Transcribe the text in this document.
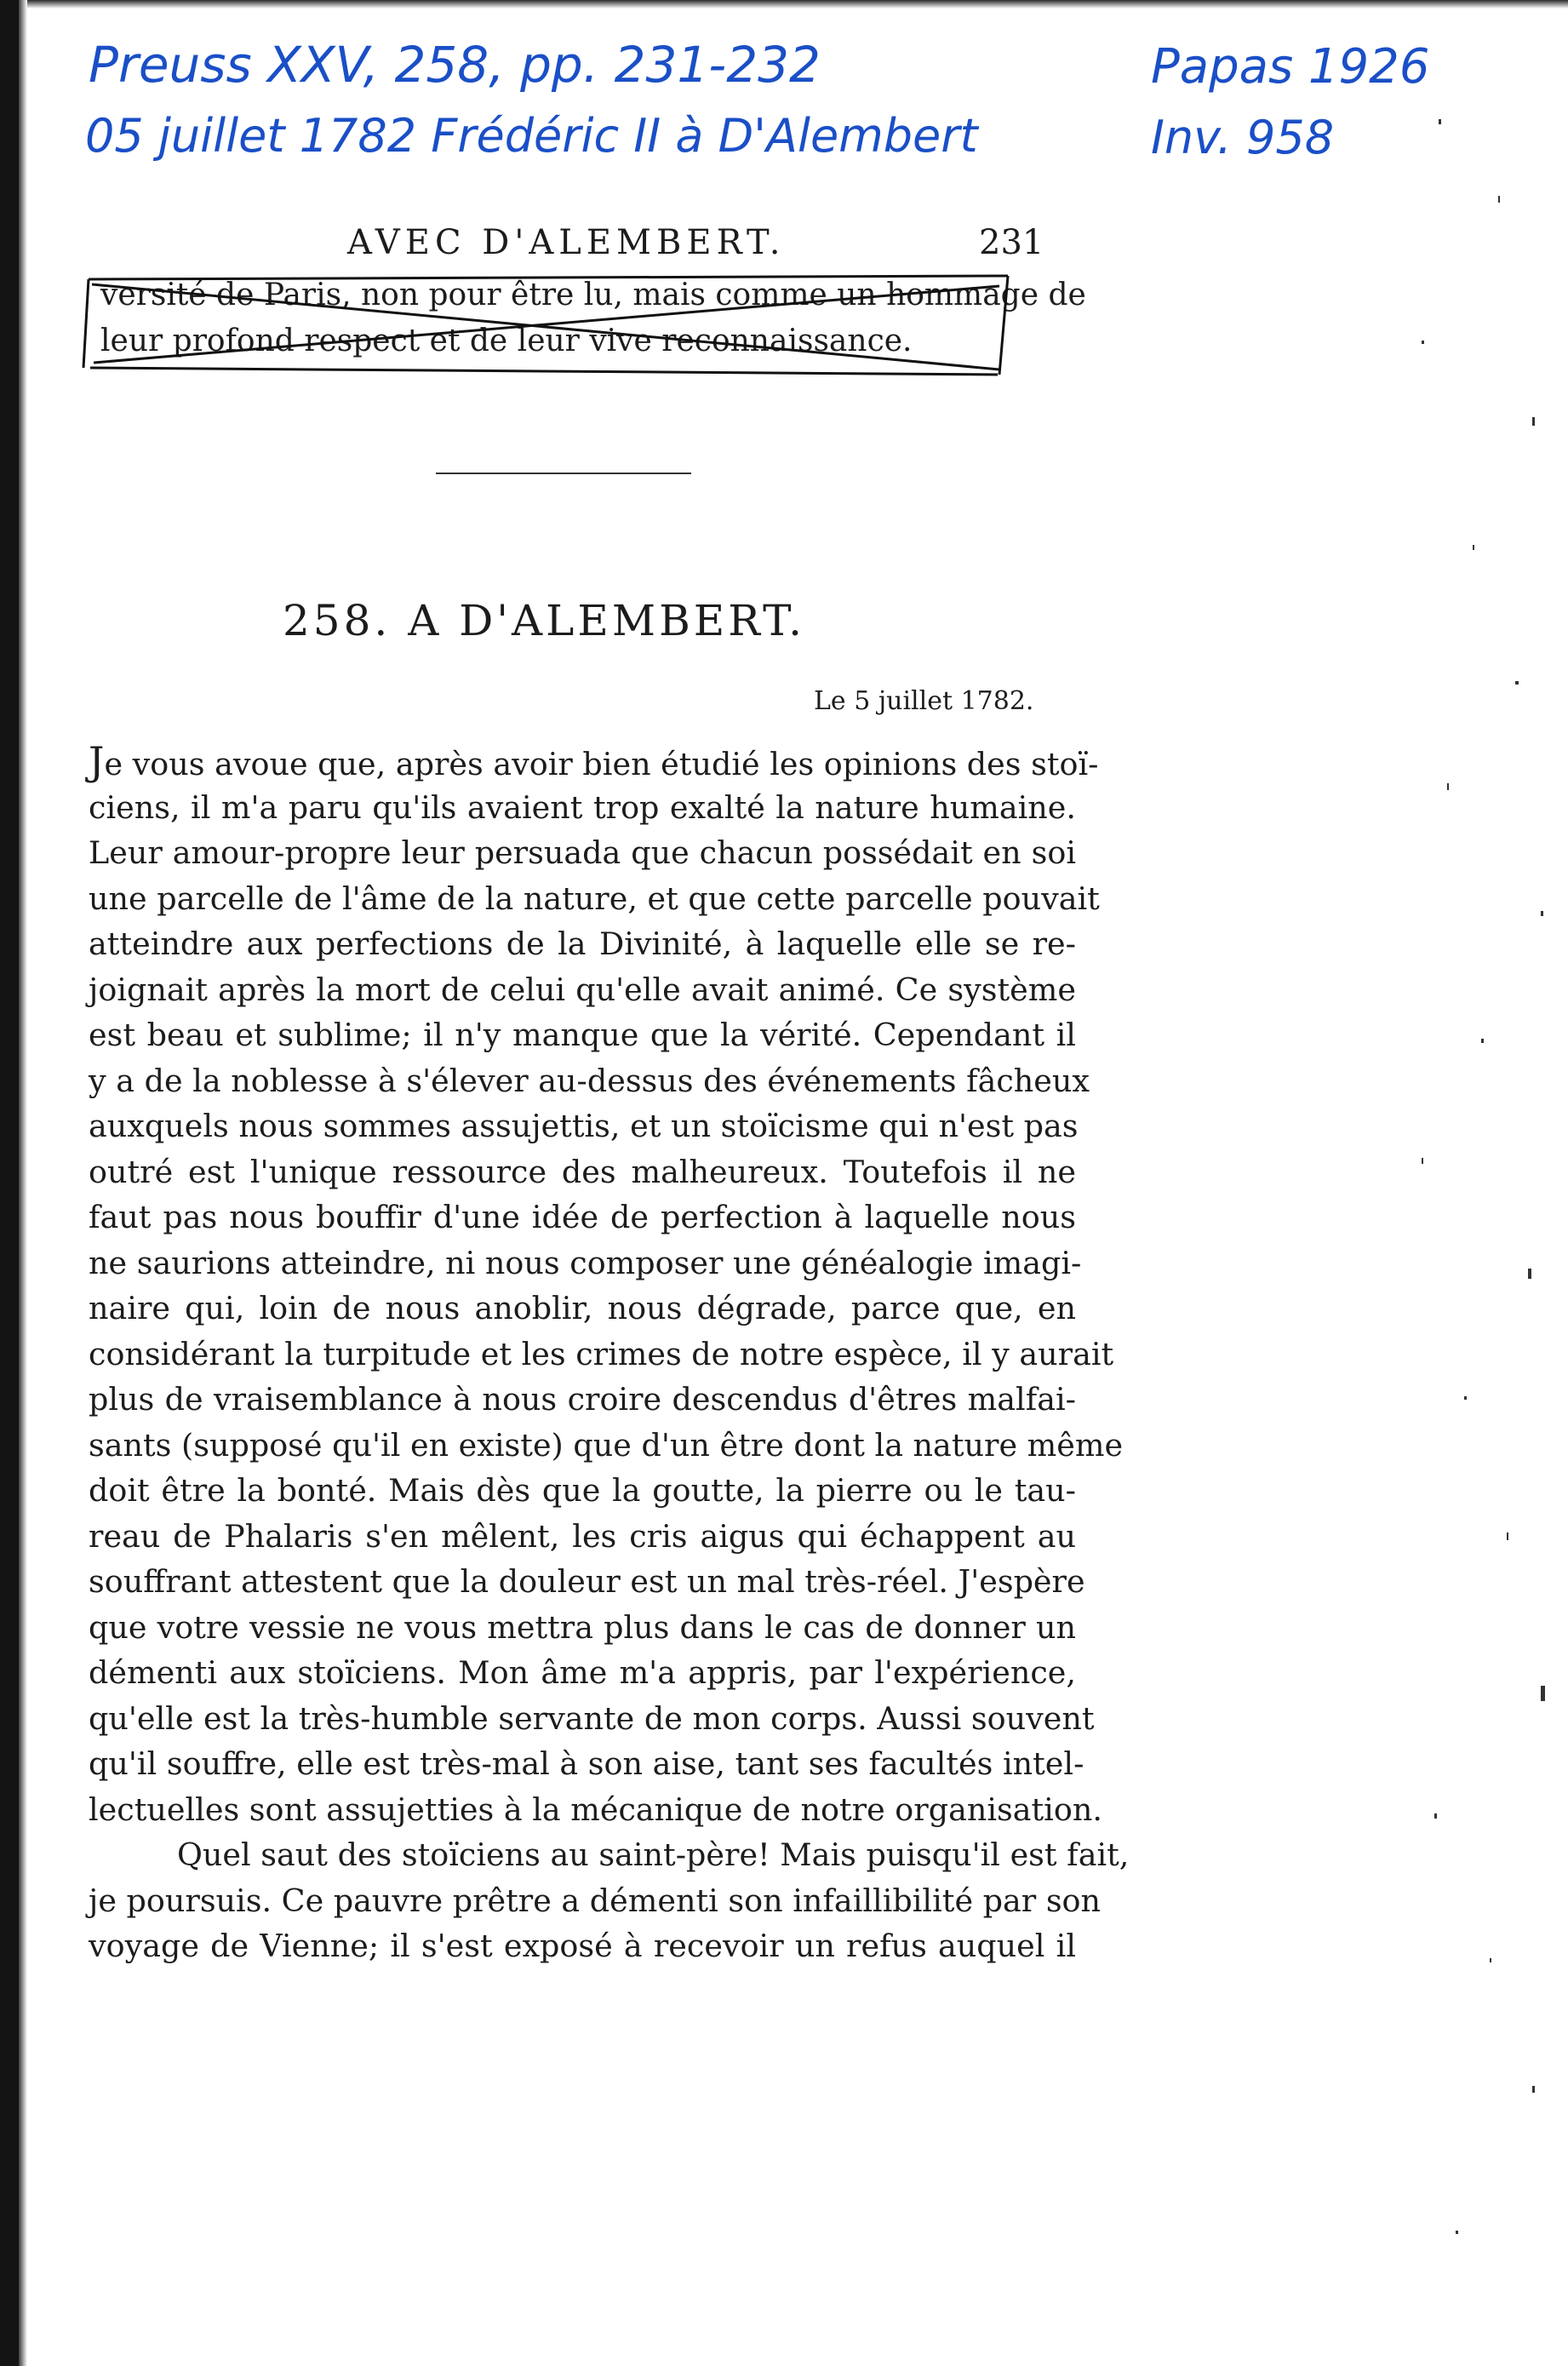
Preuss XXV, 258, pp. 231-232
05 juillet 1782 Frédéric II à D'Alembert
Papas 1926
Inv. 958
AVEC D'ALEMBERT.	231
versité de Paris, non pour être lu, mais comme un hommage de
leur profond respect et de leur vive reconnaissance.
258. A D'ALEMBERT.
Le 5 juillet 1782.
Je vous avoue que, après avoir bien étudié les opinions des stoï-
ciens, il m'a paru qu'ils avaient trop exalté la nature humaine.
Leur amour-propre leur persuada que chacun possédait en soi
une parcelle de l'âme de la nature, et que cette parcelle pouvait
atteindre aux perfections de la Divinité, à laquelle elle se re-
joignait après la mort de celui qu'elle avait animé. Ce système
est beau et sublime; il n'y manque que la vérité. Cependant il
y a de la noblesse à s'élever au-dessus des événements fâcheux
auxquels nous sommes assujettis, et un stoïcisme qui n'est pas
outré est l'unique ressource des malheureux. Toutefois il ne
faut pas nous bouffir d'une idée de perfection à laquelle nous
ne saurions atteindre, ni nous composer une généalogie imagi-
naire qui, loin de nous anoblir, nous dégrade, parce que, en
considérant la turpitude et les crimes de notre espèce, il y aurait
plus de vraisemblance à nous croire descendus d'êtres malfai-
sants (supposé qu'il en existe) que d'un être dont la nature même
doit être la bonté. Mais dès que la goutte, la pierre ou le tau-
reau de Phalaris s'en mêlent, les cris aigus qui échappent au
souffrant attestent que la douleur est un mal très-réel. J'espère
que votre vessie ne vous mettra plus dans le cas de donner un
démenti aux stoïciens. Mon âme m'a appris, par l'expérience,
qu'elle est la très-humble servante de mon corps. Aussi souvent
qu'il souffre, elle est très-mal à son aise, tant ses facultés intel-
lectuelles sont assujetties à la mécanique de notre organisation.
Quel saut des stoïciens au saint-père! Mais puisqu'il est fait,
je poursuis. Ce pauvre prêtre a démenti son infaillibilité par son
voyage de Vienne; il s'est exposé à recevoir un refus auquel il
